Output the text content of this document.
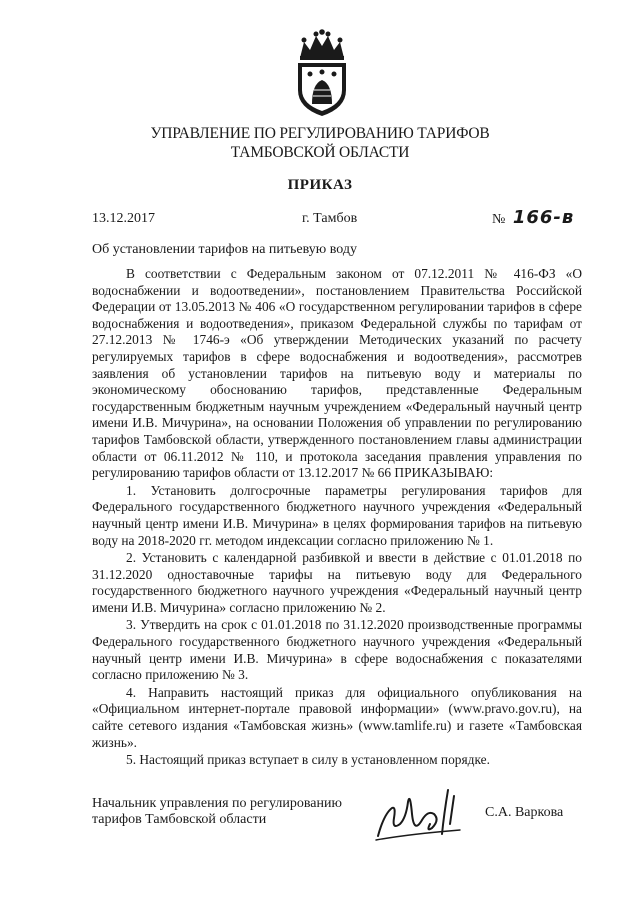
УПРАВЛЕНИЕ ПО РЕГУЛИРОВАНИЮ ТАРИФОВ
ТАМБОВСКОЙ ОБЛАСТИ
ПРИКАЗ
13.12.2017	г. Тамбов	№ 166-в
Об установлении тарифов на питьевую воду

В соответствии с Федеральным законом от 07.12.2011 № 416-ФЗ «О водоснабжении и водоотведении», постановлением Правительства Российской Федерации от 13.05.2013 № 406 «О государственном регулировании тарифов в сфере водоснабжения и водоотведения», приказом Федеральной службы по тарифам от 27.12.2013 № 1746-э «Об утверждении Методических указаний по расчету регулируемых тарифов в сфере водоснабжения и водоотведения», рассмотрев заявления об установлении тарифов на питьевую воду и материалы по экономическому обоснованию тарифов, представленные Федеральным государственным бюджетным научным учреждением «Федеральный научный центр имени И.В. Мичурина», на основании Положения об управлении по регулированию тарифов Тамбовской области, утвержденного постановлением главы администрации области от 06.11.2012 № 110, и протокола заседания правления управления по регулированию тарифов области от 13.12.2017 № 66 ПРИКАЗЫВАЮ:

1. Установить долгосрочные параметры регулирования тарифов для Федерального государственного бюджетного научного учреждения «Федеральный научный центр имени И.В. Мичурина» в целях формирования тарифов на питьевую воду на 2018-2020 гг. методом индексации согласно приложению № 1.

2. Установить с календарной разбивкой и ввести в действие с 01.01.2018 по 31.12.2020 одноставочные тарифы на питьевую воду для Федерального государственного бюджетного научного учреждения «Федеральный научный центр имени И.В. Мичурина» согласно приложению № 2.

3. Утвердить на срок с 01.01.2018 по 31.12.2020 производственные программы Федерального государственного бюджетного научного учреждения «Федеральный научный центр имени И.В. Мичурина» в сфере водоснабжения с показателями согласно приложению № 3.

4. Направить настоящий приказ для официального опубликования на «Официальном интернет-портале правовой информации» (www.pravo.gov.ru), на сайте сетевого издания «Тамбовская жизнь» (www.tamlife.ru) и газете «Тамбовская жизнь».

5. Настоящий приказ вступает в силу в установленном порядке.

Начальник управления по регулированию
тарифов Тамбовской области	С.А. Варкова
